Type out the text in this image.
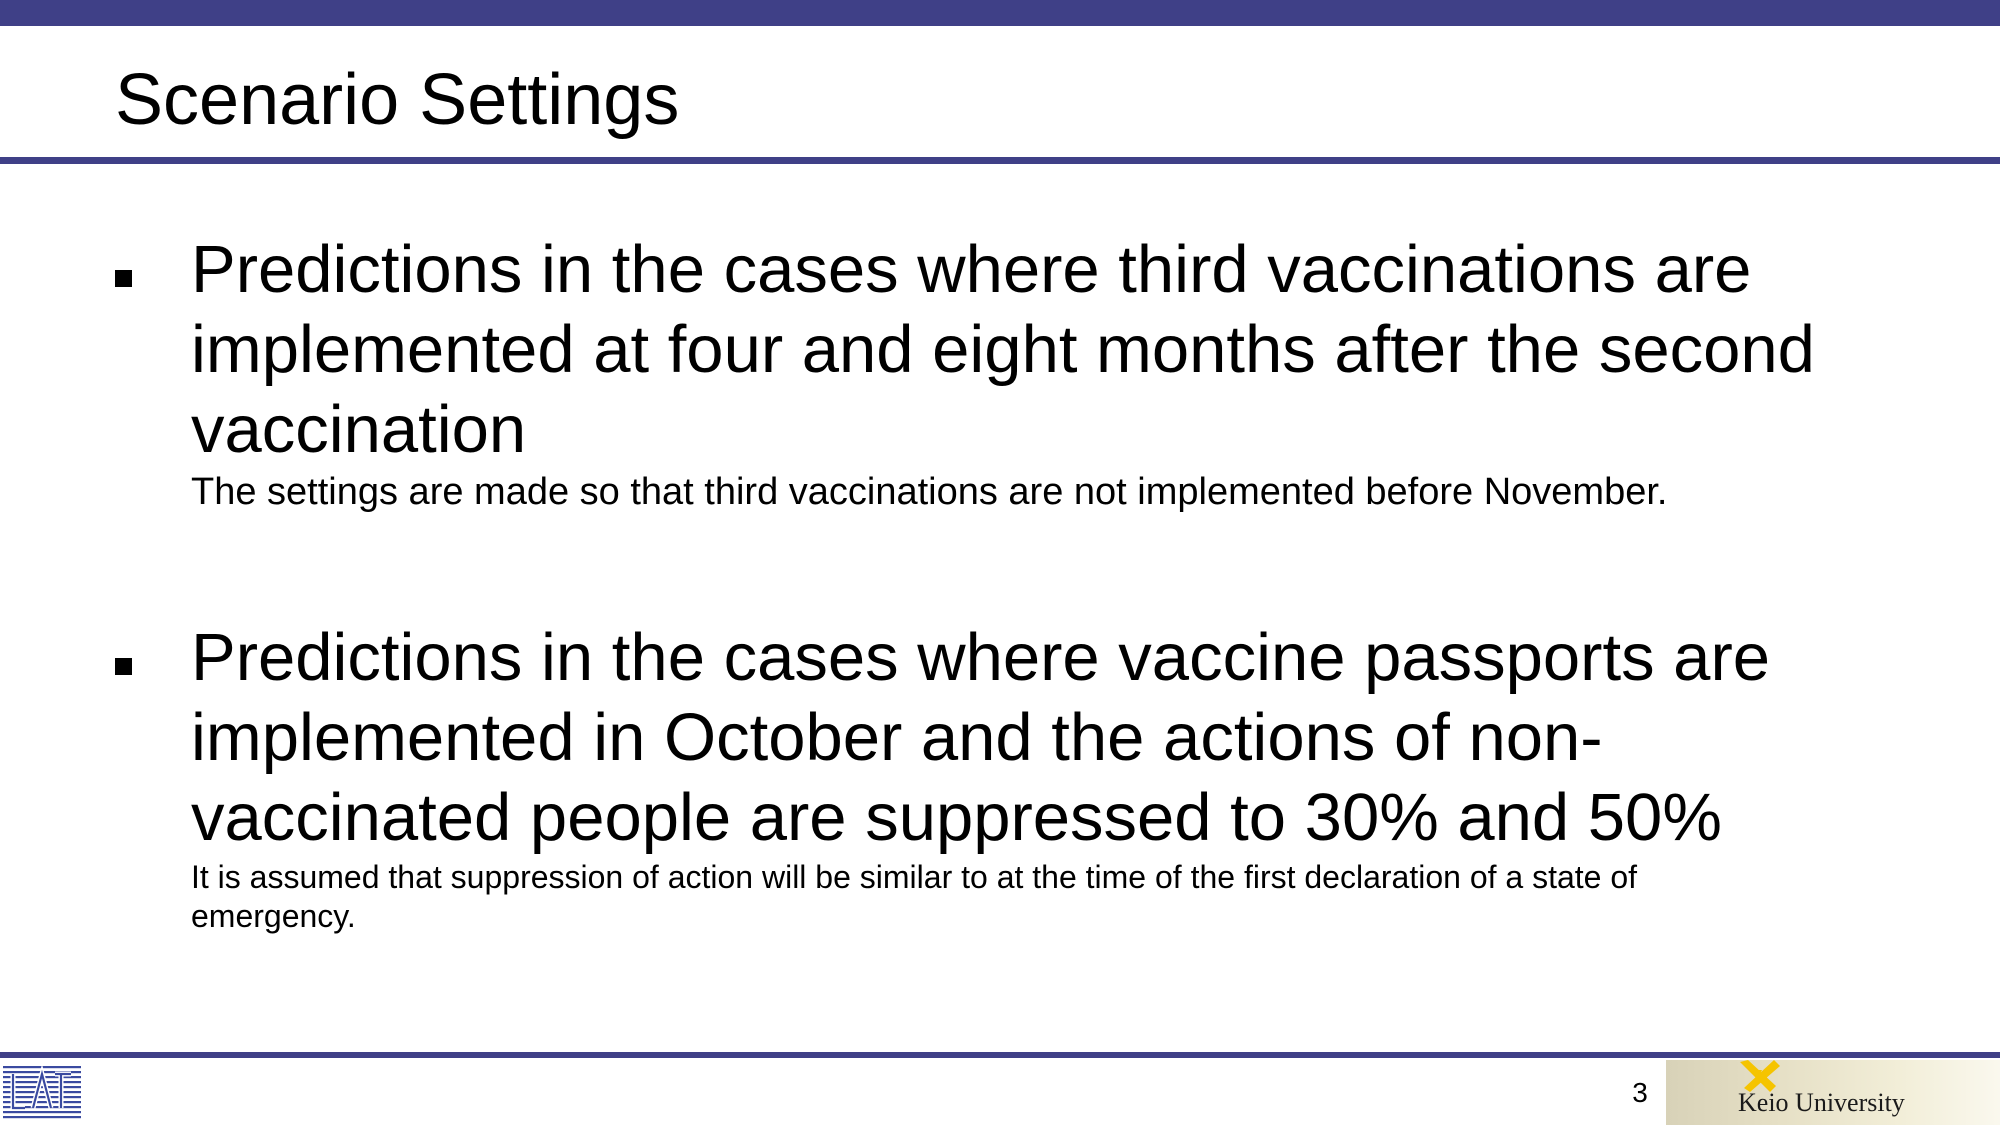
Scenario Settings
Predictions in the cases where third vaccinations are
implemented at four and eight months after the second
vaccination
The settings are made so that third vaccinations are not implemented before November.
Predictions in the cases where vaccine passports are
implemented in October and the actions of non-
vaccinated people are suppressed to 30% and 50%
It is assumed that suppression of action will be similar to at the time of the first declaration of a state of
emergency.
3	Keio University
